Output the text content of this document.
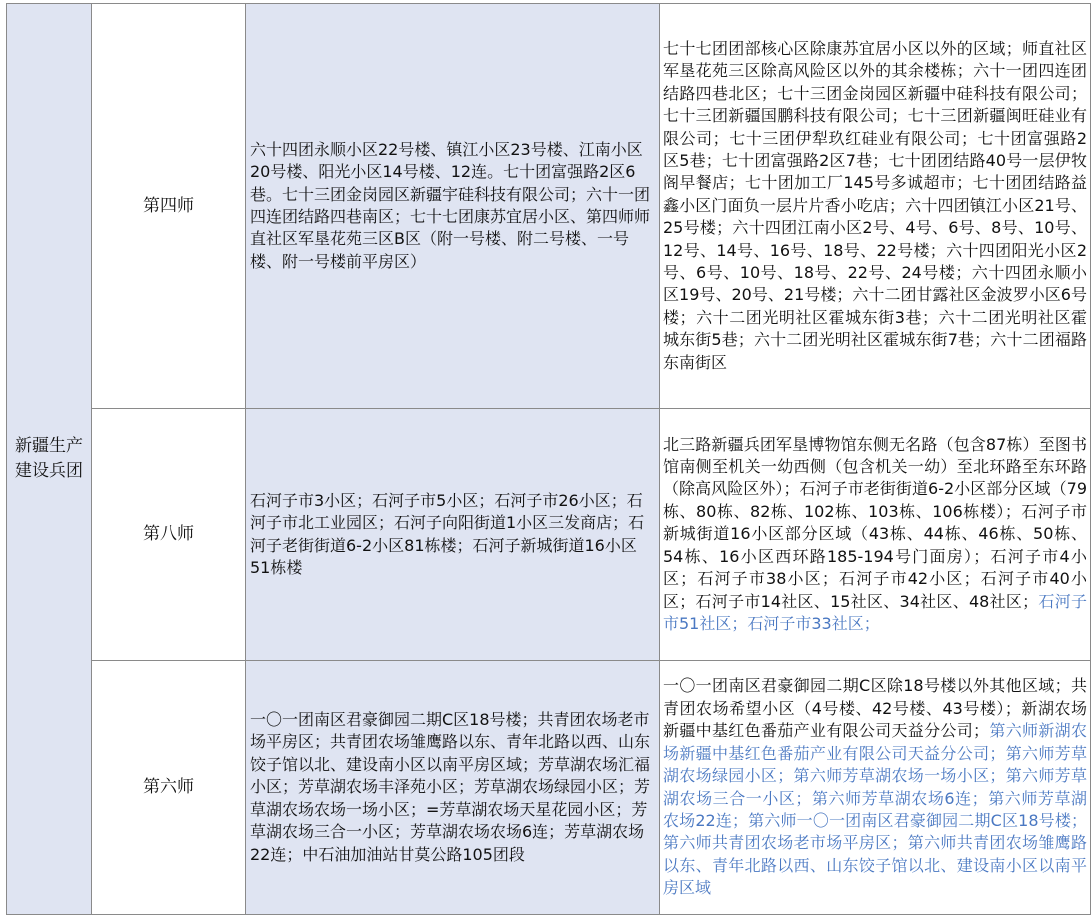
新疆生产建设兵团	第四师	六十四团永顺小区22号楼、镇江小区23号楼、江南小区20号楼、阳光小区14号楼、12连。七十团富强路2区6巷。七十三团金岗园区新疆宇硅科技有限公司；六十一团四连团结路四巷南区；七十七团康苏宜居小区、第四师师直社区军垦花苑三区B区（附一号楼、附二号楼、一号楼、附一号楼前平房区）	七十七团团部核心区除康苏宜居小区以外的区域；师直社区军垦花苑三区除高风险区以外的其余楼栋；六十一团四连团结路四巷北区；七十三团金岗园区新疆中硅科技有限公司；七十三团新疆国鹏科技有限公司；七十三团新疆闽旺硅业有限公司；七十三团伊犁玖红硅业有限公司；七十团富强路2区5巷；七十团富强路2区7巷；七十团团结路40号一层伊牧阁早餐店；七十团加工厂145号多诚超市；七十团团结路益鑫小区门面负一层片片香小吃店；六十四团镇江小区21号、25号楼；六十四团江南小区2号、4号、6号、8号、10号、12号、14号、16号、18号、22号楼；六十四团阳光小区2号、6号、10号、18号、22号、24号楼；六十四团永顺小区19号、20号、21号楼；六十二团甘露社区金波罗小区6号楼；六十二团光明社区霍城东街3巷；六十二团光明社区霍城东街5巷；六十二团光明社区霍城东街7巷；六十二团福路东南街区
	第八师	石河子市3小区；石河子市5小区；石河子市26小区；石河子市北工业园区；石河子向阳街道1小区三发商店；石河子老街街道6-2小区81栋楼；石河子新城街道16小区51栋楼	北三路新疆兵团军垦博物馆东侧无名路（包含87栋）至图书馆南侧至机关一幼西侧（包含机关一幼）至北环路至东环路（除高风险区外）；石河子市老街街道6-2小区部分区域（79栋、80栋、82栋、102栋、103栋、106栋楼）；石河子市新城街道16小区部分区域（43栋、44栋、46栋、50栋、54栋、16小区西环路185-194号门面房）；石河子市4小区；石河子市38小区；石河子市42小区；石河子市40小区；石河子市14社区、15社区、34社区、48社区；石河子市51社区；石河子市33社区；
	第六师	一〇一团南区君豪御园二期C区18号楼；共青团农场老市场平房区；共青团农场雏鹰路以东、青年北路以西、山东饺子馆以北、建设南小区以南平房区域；芳草湖农场汇福小区；芳草湖农场丰泽苑小区；芳草湖农场绿园小区；芳草湖农场农场一场小区；=芳草湖农场天星花园小区；芳草湖农场三合一小区；芳草湖农场农场6连；芳草湖农场22连；中石油加油站甘莫公路105团段	一〇一团南区君豪御园二期C区除18号楼以外其他区域；共青团农场希望小区（4号楼、42号楼、43号楼）；新湖农场新疆中基红色番茄产业有限公司天益分公司；第六师新湖农场新疆中基红色番茄产业有限公司天益分公司；第六师芳草湖农场绿园小区；第六师芳草湖农场一场小区；第六师芳草湖农场三合一小区；第六师芳草湖农场6连；第六师芳草湖农场22连；第六师一〇一团南区君豪御园二期C区18号楼；第六师共青团农场老市场平房区；第六师共青团农场雏鹰路以东、青年北路以西、山东饺子馆以北、建设南小区以南平房区域
